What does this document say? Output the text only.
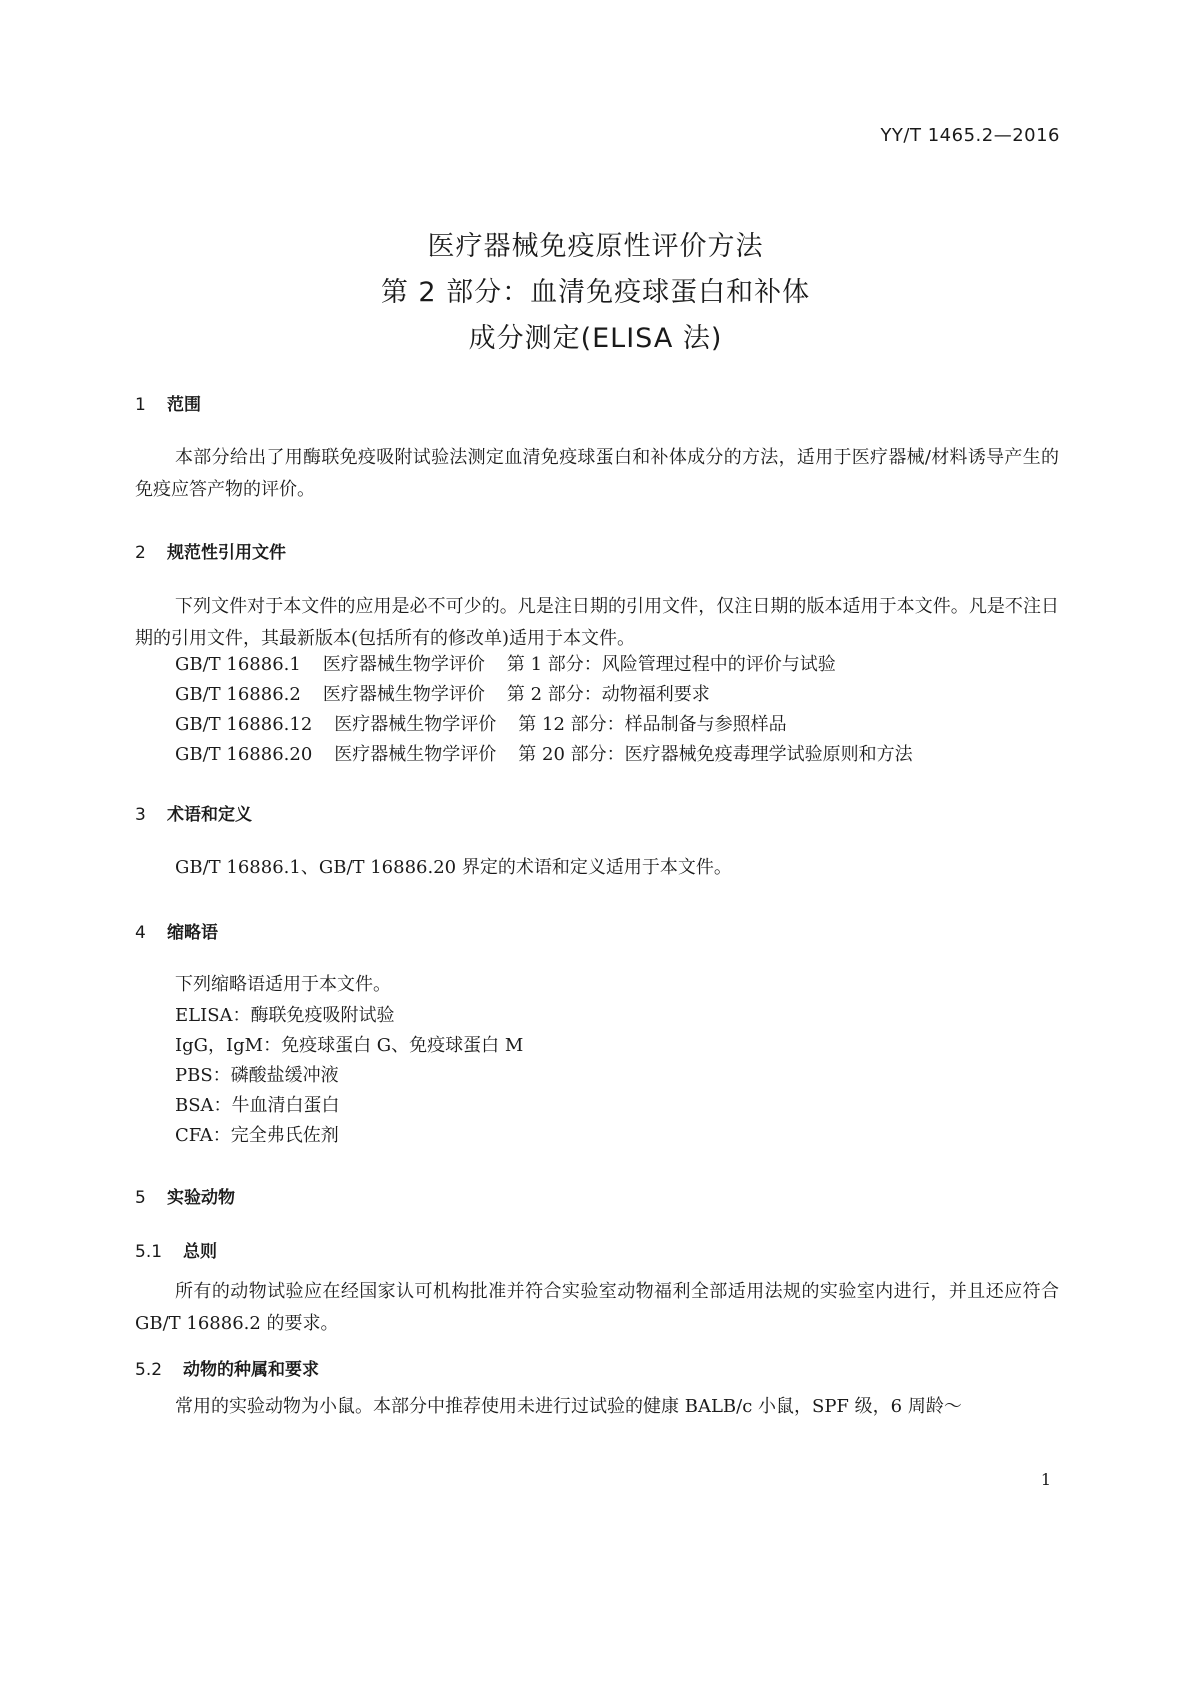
YY/T 1465.2—2016
医疗器械免疫原性评价方法
第 2 部分：血清免疫球蛋白和补体
成分测定(ELISA 法)
1 范围
本部分给出了用酶联免疫吸附试验法测定血清免疫球蛋白和补体成分的方法，适用于医疗器械/材料诱导产生的免疫应答产物的评价。
2 规范性引用文件
下列文件对于本文件的应用是必不可少的。凡是注日期的引用文件，仅注日期的版本适用于本文件。凡是不注日期的引用文件，其最新版本(包括所有的修改单)适用于本文件。
GB/T 16886.1 医疗器械生物学评价 第 1 部分：风险管理过程中的评价与试验
GB/T 16886.2 医疗器械生物学评价 第 2 部分：动物福利要求
GB/T 16886.12 医疗器械生物学评价 第 12 部分：样品制备与参照样品
GB/T 16886.20 医疗器械生物学评价 第 20 部分：医疗器械免疫毒理学试验原则和方法
3 术语和定义
GB/T 16886.1、GB/T 16886.20 界定的术语和定义适用于本文件。
4 缩略语
下列缩略语适用于本文件。
ELISA：酶联免疫吸附试验
IgG，IgM：免疫球蛋白 G、免疫球蛋白 M
PBS：磷酸盐缓冲液
BSA：牛血清白蛋白
CFA：完全弗氏佐剂
5 实验动物
5.1 总则
所有的动物试验应在经国家认可机构批准并符合实验室动物福利全部适用法规的实验室内进行，并且还应符合 GB/T 16886.2 的要求。
5.2 动物的种属和要求
常用的实验动物为小鼠。本部分中推荐使用未进行过试验的健康 BALB/c 小鼠，SPF 级，6 周龄～
1
